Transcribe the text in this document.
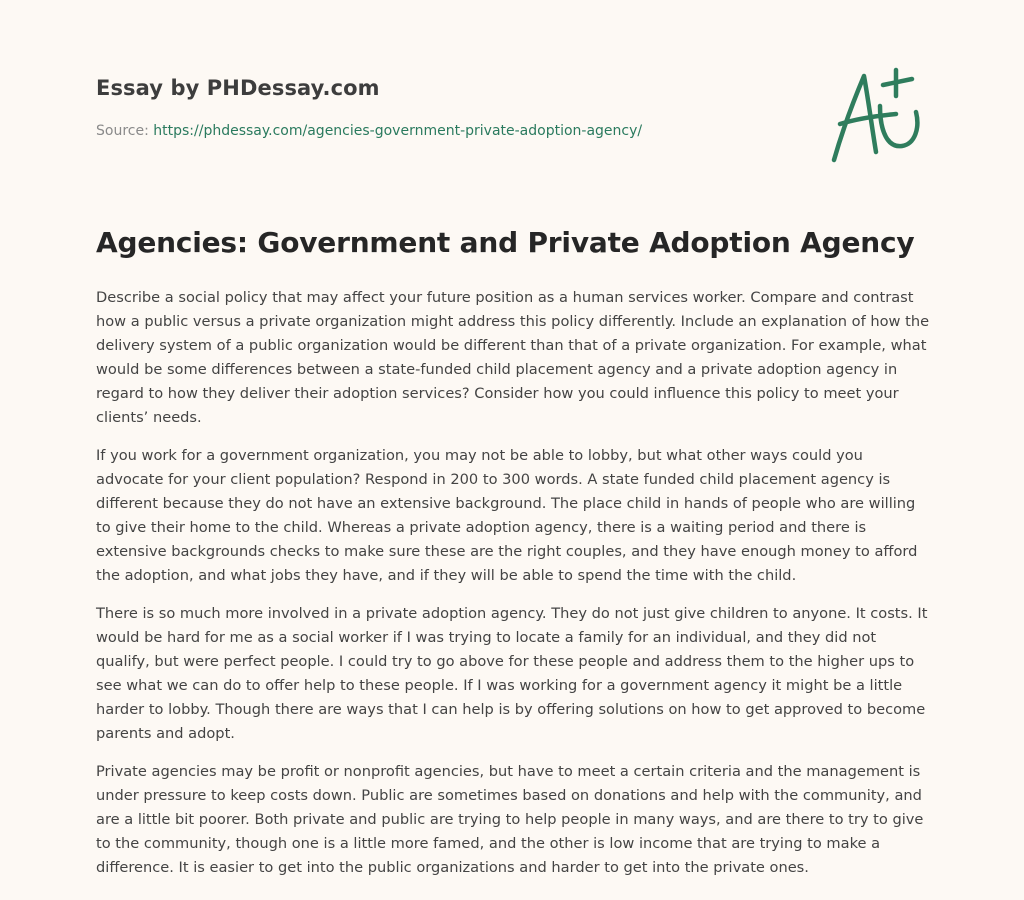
Essay by PHDessay.com
Source: https://phdessay.com/agencies-government-private-adoption-agency/
Agencies: Government and Private Adoption Agency

Describe a social policy that may affect your future position as a human services worker. Compare and contrast how a public versus a private organization might address this policy differently. Include an explanation of how the delivery system of a public organization would be different than that of a private organization. For example, what would be some differences between a state-funded child placement agency and a private adoption agency in regard to how they deliver their adoption services? Consider how you could influence this policy to meet your clients’ needs.

If you work for a government organization, you may not be able to lobby, but what other ways could you advocate for your client population? Respond in 200 to 300 words. A state funded child placement agency is different because they do not have an extensive background. The place child in hands of people who are willing to give their home to the child. Whereas a private adoption agency, there is a waiting period and there is extensive backgrounds checks to make sure these are the right couples, and they have enough money to afford the adoption, and what jobs they have, and if they will be able to spend the time with the child.

There is so much more involved in a private adoption agency. They do not just give children to anyone. It costs. It would be hard for me as a social worker if I was trying to locate a family for an individual, and they did not qualify, but were perfect people. I could try to go above for these people and address them to the higher ups to see what we can do to offer help to these people. If I was working for a government agency it might be a little harder to lobby. Though there are ways that I can help is by offering solutions on how to get approved to become parents and adopt.

Private agencies may be profit or nonprofit agencies, but have to meet a certain criteria and the management is under pressure to keep costs down. Public are sometimes based on donations and help with the community, and are a little bit poorer. Both private and public are trying to help people in many ways, and are there to try to give to the community, though one is a little more famed, and the other is low income that are trying to make a difference. It is easier to get into the public organizations and harder to get into the private ones.
